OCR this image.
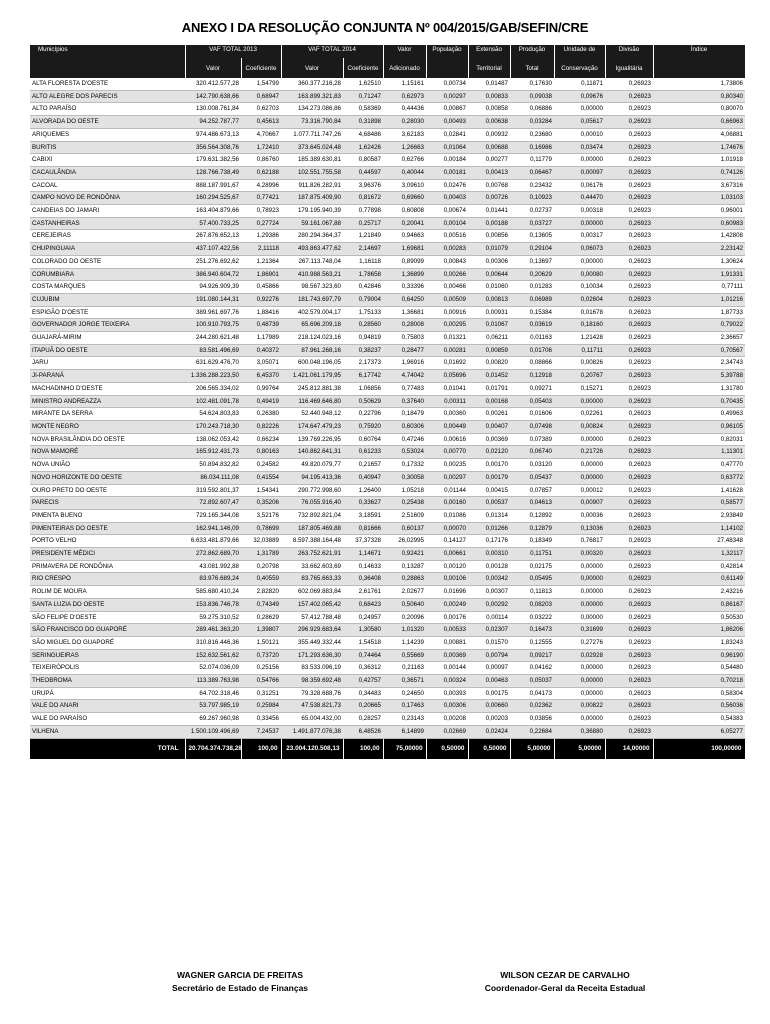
ANEXO I DA RESOLUÇÃO CONJUNTA Nº 004/2015/GAB/SEFIN/CRE
Municípios	VAF TOTAL 2013		VAF TOTAL 2014		Valor	População	Extensão	Produção	Unidade de	Divisão	Índice
	Valor	Coeficiente	Valor	Coeficiente	Adicionado		Territorial	Total	Conservação	Igualitária	
ALTA FLORESTA D'OESTE	320.412.577,28	1,54799	360.377.216,28	1,62510	1,15161	0,00734	0,01487	0,17630	0,11871	0,26923	1,73806
ALTO ALEGRE DOS PARECIS	142.790.638,66	0,68947	163.899.321,83	0,71247	0,62973	0,00297	0,00833	0,09038	0,09676	0,26923	0,80340
ALTO PARAÍSO	130.008.761,84	0,62703	134.273.086,86	0,58369	0,44436	0,00867	0,00858	0,06886	0,00000	0,26923	0,80070
ALVORADA DO OESTE	94.252.787,77	0,45613	73.316.790,84	0,31898	0,28030	0,00493	0,00638	0,03284	0,05617	0,26923	0,66963
ARIQUEMES	974.486.673,13	4,70667	1.077.711.747,26	4,68486	3,62183	0,02841	0,00932	0,23680	0,00010	0,26923	4,06881
BURITIS	356.564.308,76	1,72410	373.645.024,48	1,62426	1,26663	0,01064	0,00688	0,16986	0,03474	0,26923	1,74676
CABIXI	179.631.382,56	0,86760	185.389.630,81	0,80587	0,62766	0,00184	0,00277	0,11779	0,00000	0,26923	1,01918
CACAULÂNDIA	128.766.738,49	0,62188	102.551.755,58	0,44597	0,40044	0,00181	0,00413	0,06467	0,00097	0,26923	0,74126
CACOAL	888.187.991,67	4,28996	911.826.282,91	3,96376	3,09610	0,02476	0,00768	0,23432	0,06176	0,26923	3,67316
CAMPO NOVO DE RONDÔNIA	160.294.525,67	0,77421	187.875.409,90	0,81672	0,69660	0,00403	0,00726	0,10923	0,44470	0,26923	1,03103
CANDEIAS DO JAMARI	163.404.879,66	0,78923	179.195.940,39	0,77898	0,60808	0,00674	0,01441	0,02737	0,00318	0,26923	0,96001
CASTANHEIRAS	57.400.733,25	0,27724	59.161.067,88	0,25717	0,20041	0,00104	0,00188	0,03727	0,00000	0,26923	0,60983
CEREJEIRAS	267.876.652,13	1,29386	280.294.364,37	1,21849	0,94663	0,00516	0,00856	0,13605	0,00317	0,26923	1,42808
CHUPINGUAIA	437.107.422,56	2,11118	493.863.477,62	2,14697	1,69681	0,00283	0,01079	0,29104	0,06073	0,26923	2,23142
COLORADO DO OESTE	251.276.692,62	1,21364	267.113.748,04	1,16118	0,89099	0,00843	0,00306	0,13697	0,00000	0,26923	1,30624
CORUMBIARA	386.940.604,72	1,86901	410.988.563,21	1,78658	1,36899	0,00266	0,00644	0,20629	0,00080	0,26923	1,91331
COSTA MARQUES	94.926.909,39	0,45866	98.567.323,60	0,42846	0,33396	0,00466	0,01060	0,01283	0,10034	0,26923	0,77111
CUJUBIM	191.080.144,31	0,92276	181.743.697,79	0,79004	0,64250	0,00509	0,00813	0,06989	0,02604	0,26923	1,01216
ESPIGÃO D'OESTE	389.961.697,76	1,88416	402.579.004,17	1,75133	1,36681	0,00916	0,00931	0,15384	0,01678	0,26923	1,87733
GOVERNADOR JORGE TEIXEIRA	100.910.793,75	0,48739	65.696.209,18	0,28560	0,28008	0,00295	0,01067	0,03619	0,18160	0,26923	0,79022
GUAJARÁ-MIRIM	244.280.621,48	1,17989	218.124.023,16	0,94819	0,75803	0,01321	0,06211	0,01163	1,21428	0,26923	2,36657
ITAPUÃ DO OESTE	83.581.496,69	0,40372	87.961.268,16	0,38237	0,28477	0,00281	0,00859	0,01706	0,11711	0,26923	0,70567
JARU	631.629.476,70	3,05071	600.048.196,05	2,17373	1,96916	0,01692	0,00820	0,08866	0,00826	0,26923	2,34743
JI-PARANÁ	1.336.288.223,50	6,45370	1.421.061.179,95	6,17742	4,74042	0,05696	0,01452	0,12918	0,20767	0,26923	5,39788
MACHADINHO D'OESTE	206.565.334,02	0,99764	245.812.881,38	1,06856	0,77483	0,01041	0,01791	0,09271	0,15271	0,26923	1,31780
MINISTRO ANDREAZZA	102.481.091,78	0,49419	116.469.646,80	0,50629	0,37640	0,00311	0,00168	0,05403	0,00000	0,26923	0,70435
MIRANTE DA SERRA	54.624.803,83	0,26380	52.440.948,12	0,22796	0,18479	0,00360	0,00261	0,01606	0,02261	0,26923	0,49963
MONTE NEGRO	170.243.718,30	0,82226	174.647.479,23	0,75920	0,60306	0,00449	0,00407	0,07498	0,00824	0,26923	0,96105
NOVA BRASILÂNDIA DO OESTE	138.062.053,42	0,66234	139.769.226,95	0,60764	0,47246	0,00616	0,00369	0,07389	0,00000	0,26923	0,82031
NOVA MAMORÉ	165.912.431,73	0,80163	140.862.641,31	0,61233	0,53024	0,00770	0,02120	0,06740	0,21726	0,26923	1,11301
NOVA UNIÃO	50.894.832,82	0,24582	49.820.079,77	0,21657	0,17332	0,00235	0,00170	0,03120	0,00000	0,26923	0,47770
NOVO HORIZONTE DO OESTE	86.034.111,08	0,41554	94.195.413,36	0,40947	0,30058	0,00297	0,00179	0,05437	0,00000	0,26923	0,63772
OURO PRETO DO OESTE	319.592.801,37	1,54341	290.772.998,60	1,26400	1,05218	0,01144	0,00415	0,07857	0,00012	0,26923	1,41628
PARECIS	72.892.607,47	0,35206	76.055.916,40	0,33627	0,25438	0,00160	0,00537	0,04613	0,00907	0,26923	0,58577
PIMENTA BUENO	729.165.344,08	3,52176	732.892.821,04	3,18591	2,51609	0,01086	0,01314	0,12892	0,00036	0,26923	2,93849
PIMENTEIRAS DO OESTE	162.941.146,09	0,78699	187.805.469,88	0,81666	0,60137	0,00070	0,01266	0,12879	0,13036	0,26923	1,14102
PORTO VELHO	6.633.481.879,66	32,03889	8.597.388.164,48	37,37328	26,02995	0,14127	0,17176	0,18349	0,76817	0,26923	27,48348
PRESIDENTE MÉDICI	272.862.689,70	1,31789	263.752.621,91	1,14671	0,92421	0,00661	0,00310	0,11751	0,00320	0,26923	1,32117
PRIMAVERA DE RONDÔNIA	43.081.992,88	0,20798	33.662.603,69	0,14633	0,13287	0,00120	0,00128	0,02175	0,00000	0,26923	0,42814
RIO CRESPO	83.976.689,24	0,40559	83.765.663,33	0,36408	0,28863	0,00106	0,00342	0,05495	0,00000	0,26923	0,61149
ROLIM DE MOURA	585.680.410,24	2,82820	602.069.883,84	2,61761	2,02677	0,01696	0,00307	0,11813	0,00000	0,26923	2,43216
SANTA LUZIA DO OESTE	153.836.746,78	0,74349	157.402.065,42	0,68423	0,50640	0,00249	0,00292	0,08203	0,00000	0,26923	0,86167
SÃO FELIPE D'OESTE	59.275.310,52	0,28629	57.412.788,48	0,24957	0,20096	0,00176	0,00114	0,03222	0,00000	0,26923	0,50530
SÃO FRANCISCO DO GUAPORÉ	289.461.363,20	1,39807	296.929.683,64	1,30580	1,01320	0,00533	0,02307	0,16473	0,31699	0,26923	1,86206
SÃO MIGUEL DO GUAPORÉ	310.816.446,36	1,50121	355.449.332,44	1,54518	1,14239	0,00881	0,01570	0,12555	0,27276	0,26923	1,83243
SERINGUEIRAS	152.632.561,62	0,73720	171.293.636,30	0,74464	0,55669	0,00369	0,00794	0,09217	0,02928	0,26923	0,96190
TEIXEIRÓPOLIS	52.074.036,09	0,25156	83.533.096,19	0,36312	0,21163	0,00144	0,00097	0,04162	0,00000	0,26923	0,54480
THEOBROMA	113.389.763,98	0,54766	98.359.692,48	0,42757	0,36571	0,00324	0,00463	0,05037	0,00000	0,26923	0,70218
URUPÁ	64.702.318,46	0,31251	79.328.688,76	0,34483	0,24650	0,00393	0,00175	0,04173	0,00000	0,26923	0,58304
VALE DO ANARI	53.797.985,19	0,25984	47.538.821,73	0,20665	0,17463	0,00306	0,00660	0,02362	0,00822	0,26923	0,56036
VALE DO PARAÍSO	69.267.960,98	0,33456	65.004.432,00	0,28257	0,23143	0,00208	0,00203	0,03856	0,00000	0,26923	0,54383
VILHENA	1.500.109.496,69	7,24537	1.491.877.076,38	6,48526	6,14899	0,02669	0,02424	0,22684	0,36880	0,26923	6,05277
TOTAL	20.704.374.738,28	100,00	23.004.120.508,13	100,00	75,00000	0,50000	0,50000	5,00000	5,00000	14,00000	100,00000
WAGNER GARCIA DE FREITAS
Secretário de Estado de Finanças
WILSON CEZAR DE CARVALHO
Coordenador-Geral da Receita Estadual
